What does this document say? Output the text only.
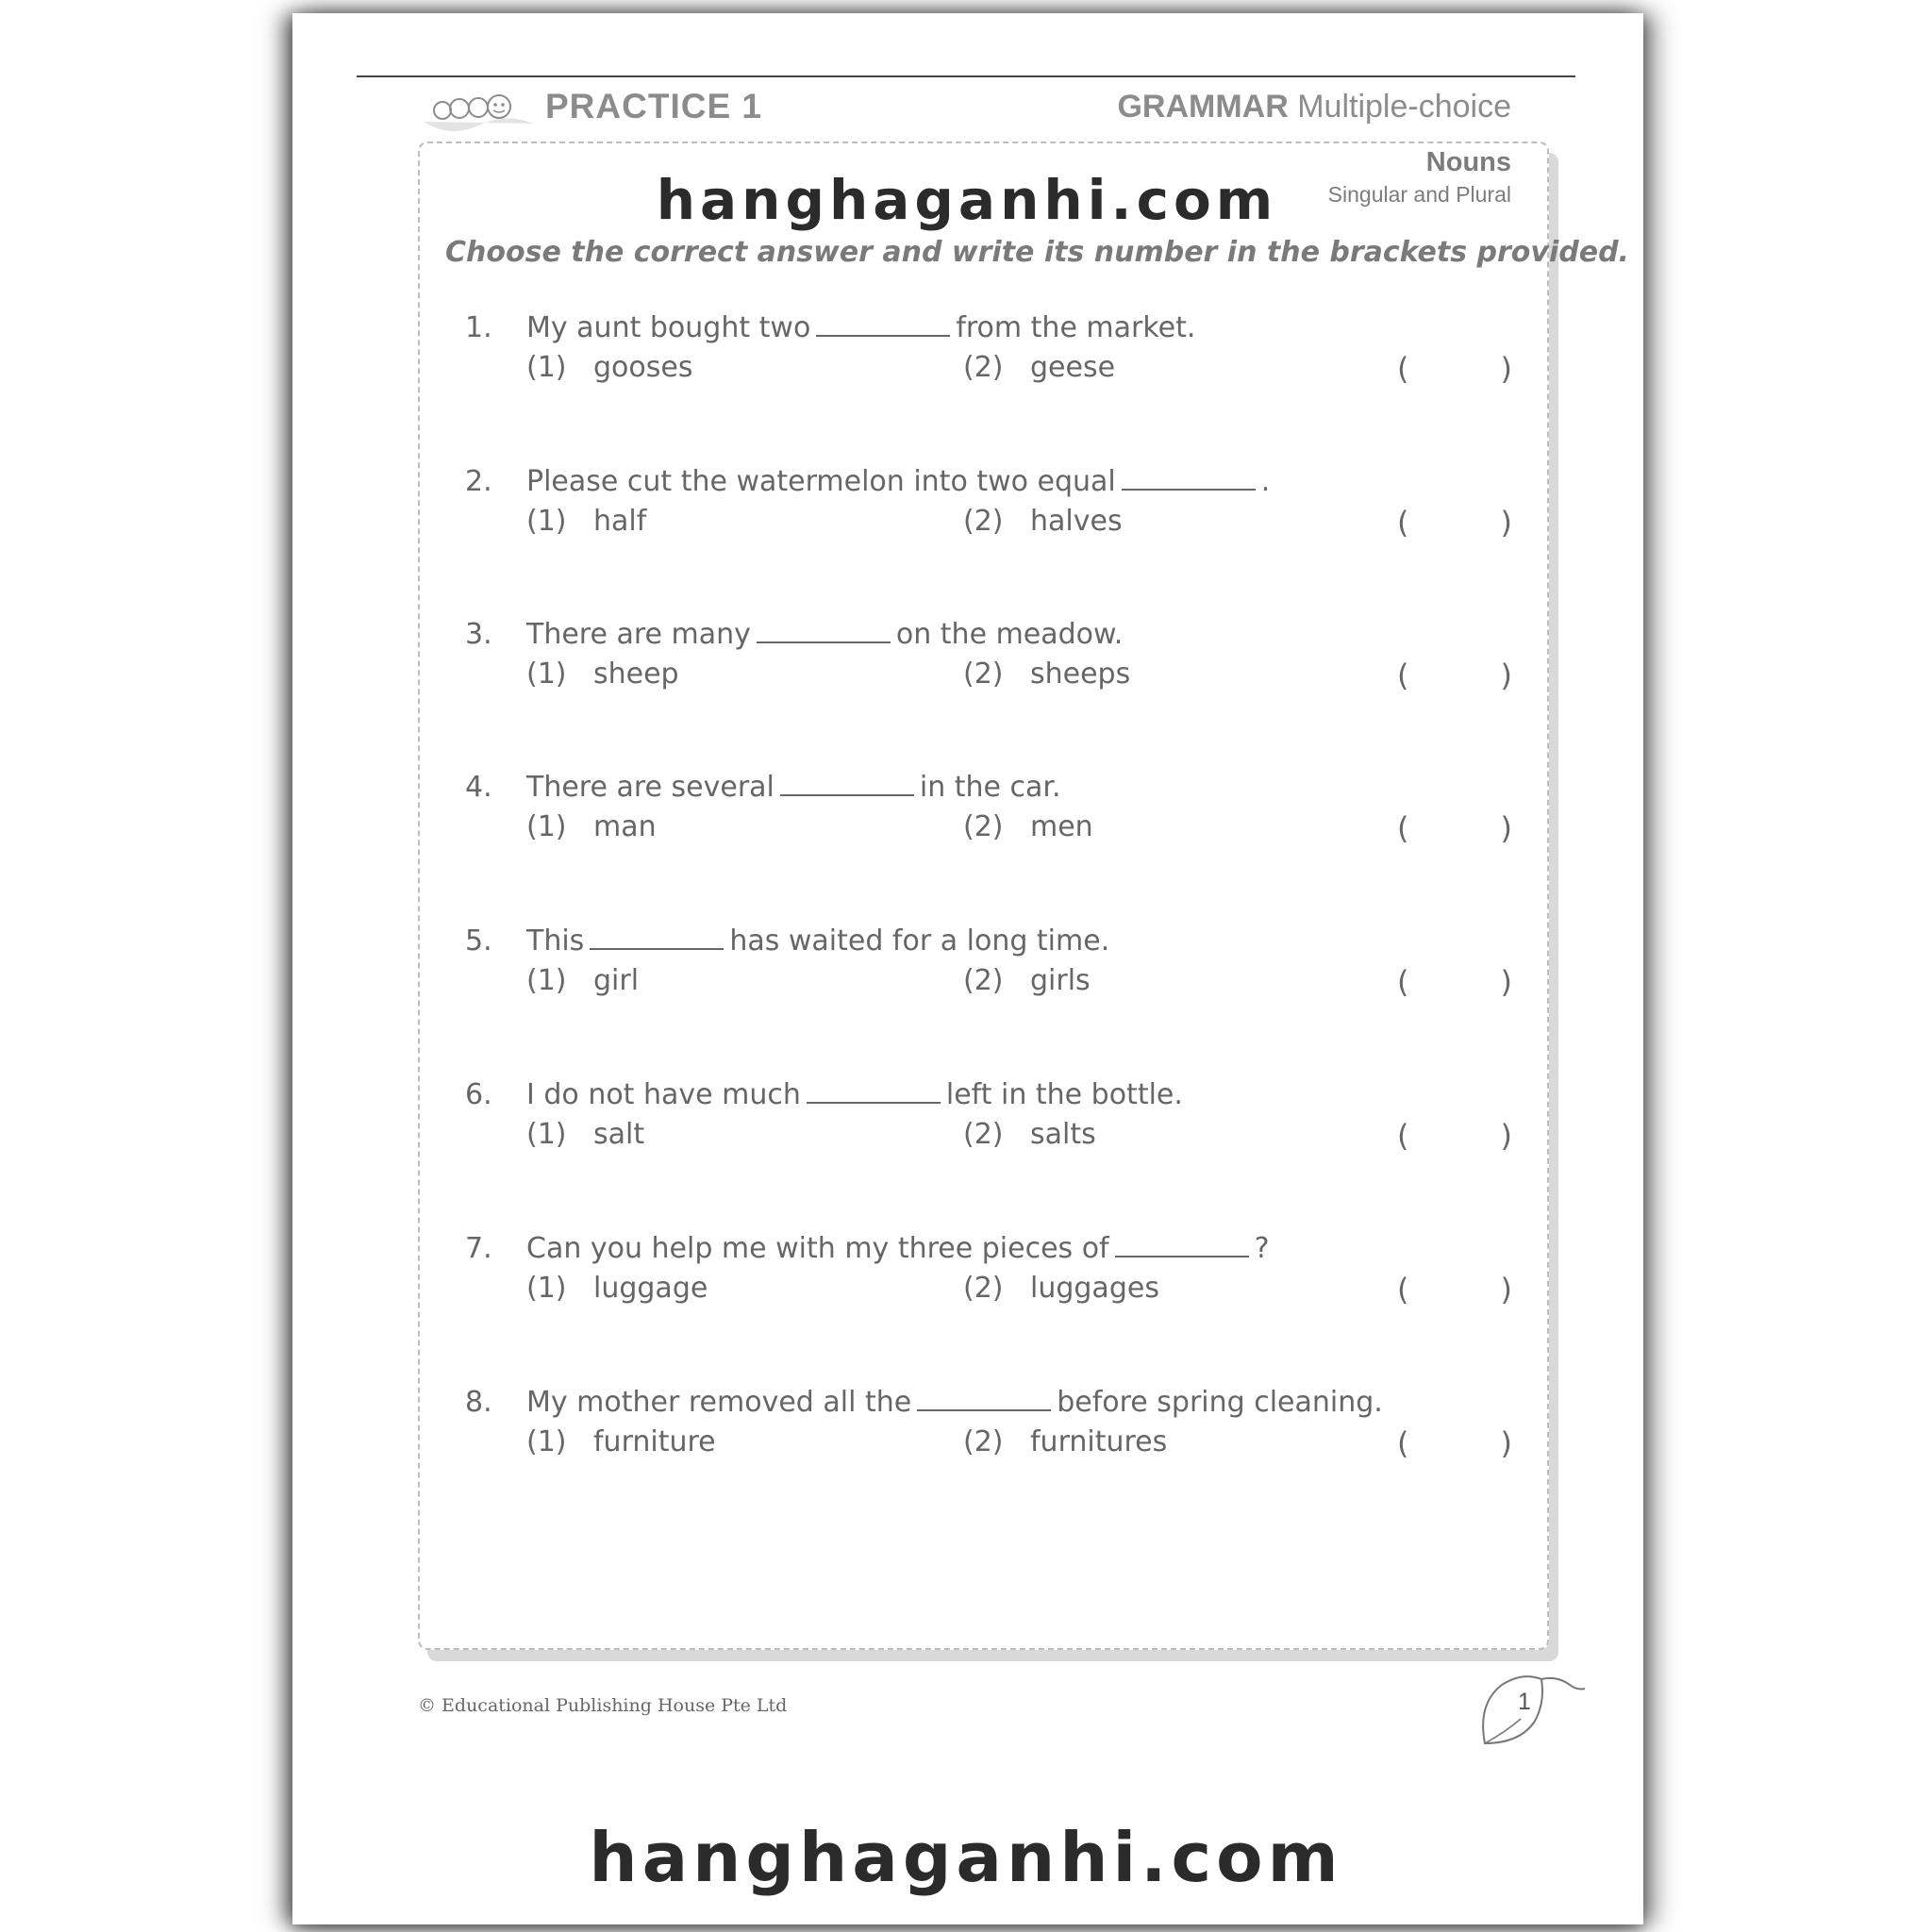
PRACTICE 1	GRAMMAR Multiple-choice
Nouns
Singular and Plural
hanghaganhi.com
Choose the correct answer and write its number in the brackets provided.
1. My aunt bought two	from the market.
(1) gooses	(2) geese	(	)
2. Please cut the watermelon into two equal	.
(1) half	(2) halves	(	)
3. There are many	on the meadow.
(1) sheep	(2) sheeps	(	)
4. There are several	in the car.
(1) man	(2) men	(	)
5. This	has waited for a long time.
(1) girl	(2) girls	(	)
6. I do not have much	left in the bottle.
(1) salt	(2) salts	(	)
7. Can you help me with my three pieces of	?
(1) luggage	(2) luggages	(	)
8. My mother removed all the	before spring cleaning.
(1) furniture	(2) furnitures	(	)
© Educational Publishing House Pte Ltd	1
hanghaganhi.com
